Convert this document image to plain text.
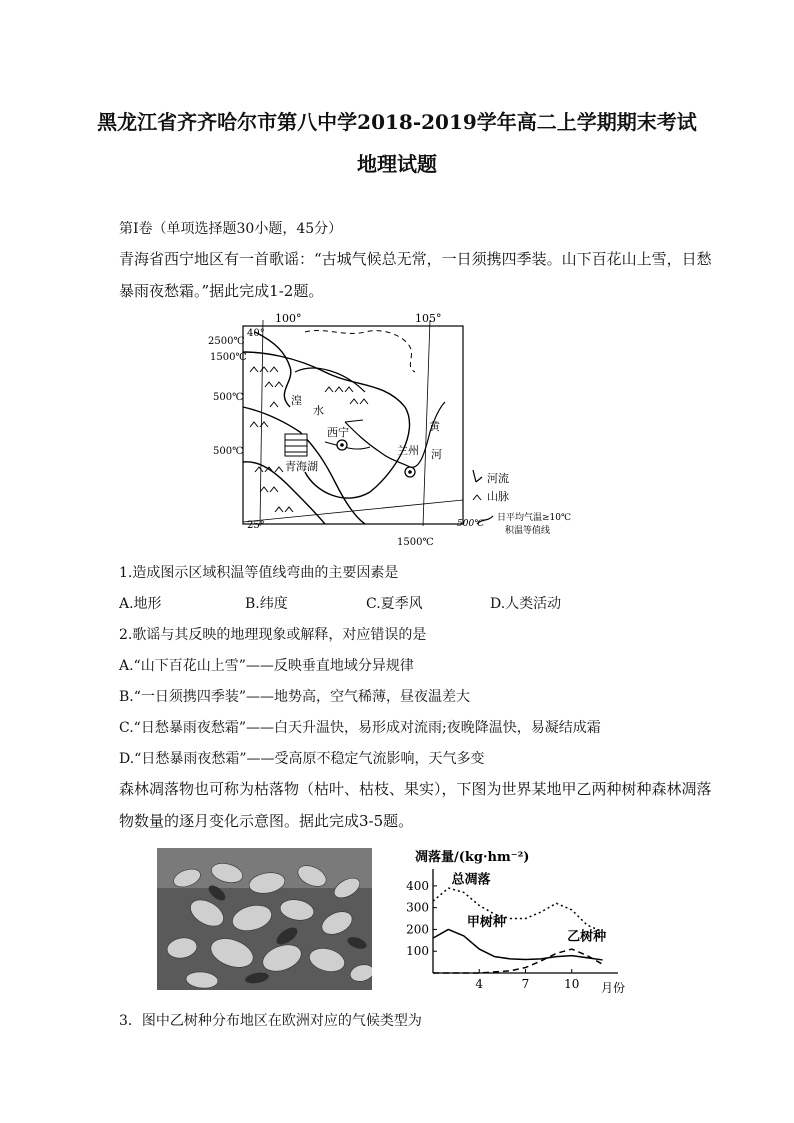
黑龙江省齐齐哈尔市第八中学2018-2019学年高二上学期期末考试
地理试题
第I卷（单项选择题30小题，45分）
青海省西宁地区有一首歌谣：“古城气候总无常，一日须携四季装。山下百花山上雪，日愁
暴雨夜愁霜。”据此完成1-2题。
100°	105°
40°
25°
2500℃
1500℃
500℃
500℃
1500℃
湟
水
西宁
青海湖
兰州
黄
河
河流
山脉
500℃
日平均气温≥10℃
积温等值线
1.造成图示区域积温等值线弯曲的主要因素是
A.地形	B.纬度	C.夏季风	D.人类活动
2.歌谣与其反映的地理现象或解释，对应错误的是
A.“山下百花山上雪”——反映垂直地域分异规律
B.“一日须携四季装”——地势高，空气稀薄，昼夜温差大
C.“日愁暴雨夜愁霜”——白天升温快，易形成对流雨;夜晚降温快，易凝结成霜
D.“日愁暴雨夜愁霜”——受高原不稳定气流影响，天气多变
森林凋落物也可称为枯落物（枯叶、枯枝、果实），下图为世界某地甲乙两种树种森林凋落
物数量的逐月变化示意图。据此完成3-5题。
凋落量/(kg·hm⁻²)
月份
100
200
300
400
4	7	10
总凋落
甲树种
乙树种
3．图中乙树种分布地区在欧洲对应的气候类型为
